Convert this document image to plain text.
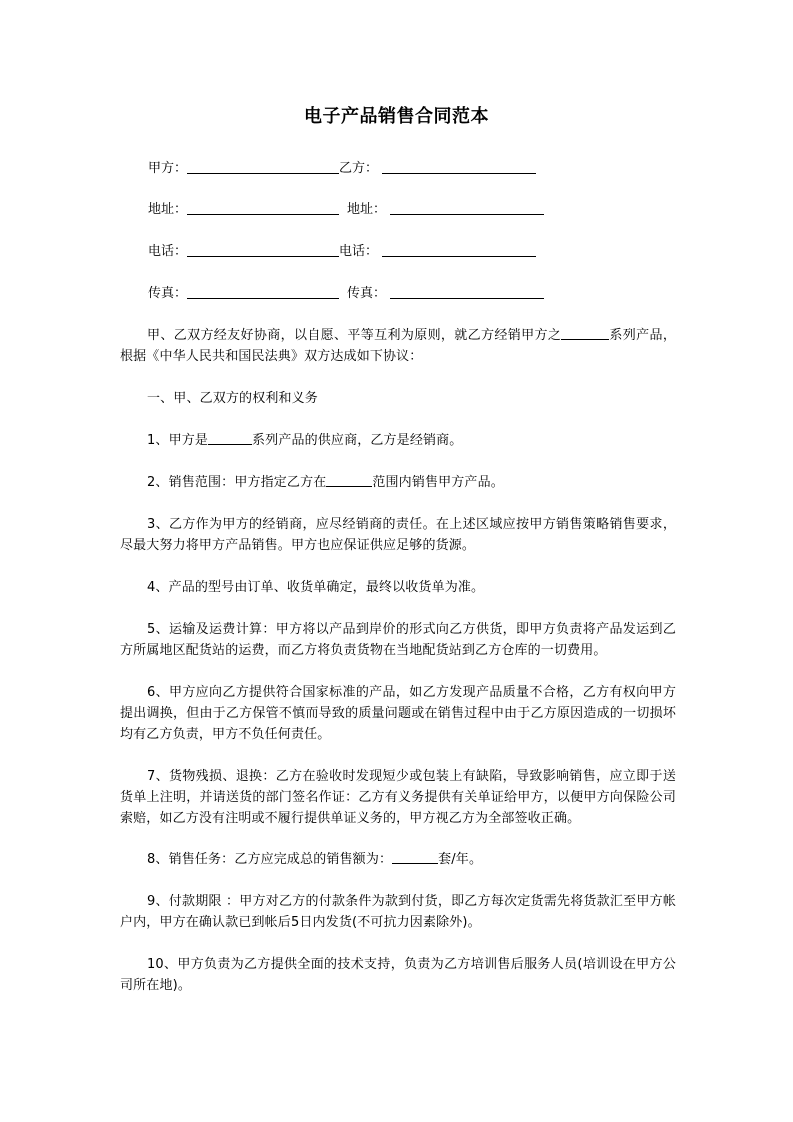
电子产品销售合同范本
甲方：	乙方：
地址：	地址：
电话：	电话：
传真：	传真：
甲、乙双方经友好协商，以自愿、平等互利为原则，就乙方经销甲方之	系列产品，根据《中华人民共和国民法典》双方达成如下协议：
一、甲、乙双方的权利和义务
1、甲方是	系列产品的供应商，乙方是经销商。
2、销售范围：甲方指定乙方在	范围内销售甲方产品。
3、乙方作为甲方的经销商，应尽经销商的责任。在上述区域应按甲方销售策略销售要求，尽最大努力将甲方产品销售。甲方也应保证供应足够的货源。
4、产品的型号由订单、收货单确定，最终以收货单为准。
5、运输及运费计算：甲方将以产品到岸价的形式向乙方供货，即甲方负责将产品发运到乙方所属地区配货站的运费，而乙方将负责货物在当地配货站到乙方仓库的一切费用。
6、甲方应向乙方提供符合国家标准的产品，如乙方发现产品质量不合格，乙方有权向甲方提出调换，但由于乙方保管不慎而导致的质量问题或在销售过程中由于乙方原因造成的一切损坏均有乙方负责，甲方不负任何责任。
7、货物残损、退换：乙方在验收时发现短少或包装上有缺陷，导致影响销售，应立即于送货单上注明，并请送货的部门签名作证：乙方有义务提供有关单证给甲方，以便甲方向保险公司索赔，如乙方没有注明或不履行提供单证义务的，甲方视乙方为全部签收正确。
8、销售任务：乙方应完成总的销售额为：	套/年。
9、付款期限 ：甲方对乙方的付款条件为款到付货，即乙方每次定货需先将货款汇至甲方帐户内，甲方在确认款已到帐后5日内发货(不可抗力因素除外)。
10、甲方负责为乙方提供全面的技术支持，负责为乙方培训售后服务人员(培训设在甲方公司所在地)。
